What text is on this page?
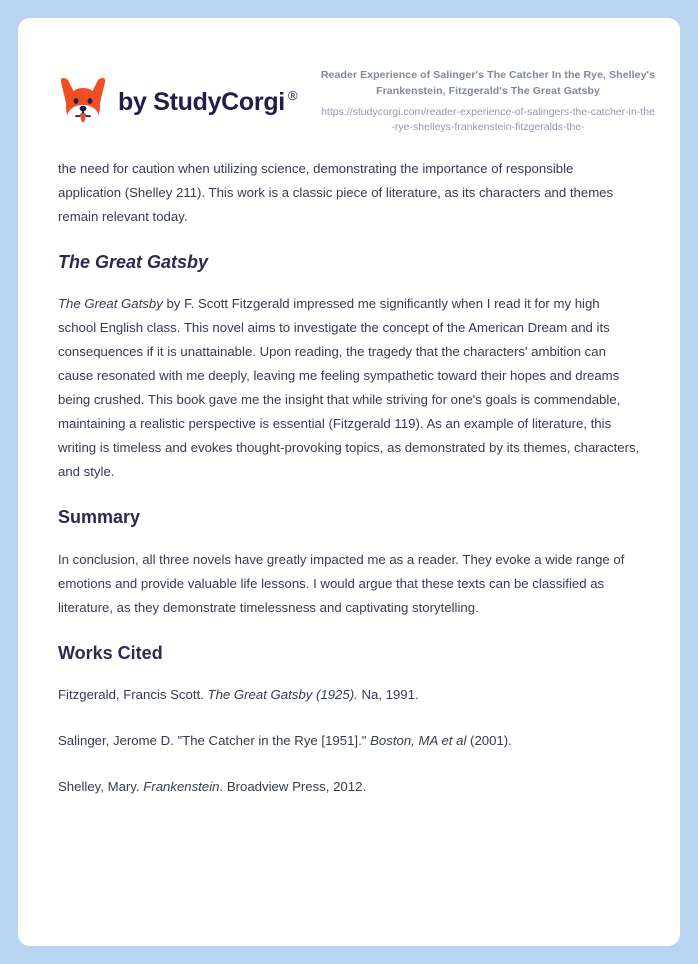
by StudyCorgi ®
Reader Experience of Salinger's The Catcher In the Rye, Shelley's Frankenstein, Fitzgerald's The Great Gatsby
https://studycorgi.com/reader-experience-of-salingers-the-catcher-in-the-rye-shelleys-frankenstein-fitzgeralds-the-

the need for caution when utilizing science, demonstrating the importance of responsible application (Shelley 211). This work is a classic piece of literature, as its characters and themes remain relevant today.

The Great Gatsby

The Great Gatsby by F. Scott Fitzgerald impressed me significantly when I read it for my high school English class. This novel aims to investigate the concept of the American Dream and its consequences if it is unattainable. Upon reading, the tragedy that the characters' ambition can cause resonated with me deeply, leaving me feeling sympathetic toward their hopes and dreams being crushed. This book gave me the insight that while striving for one's goals is commendable, maintaining a realistic perspective is essential (Fitzgerald 119). As an example of literature, this writing is timeless and evokes thought-provoking topics, as demonstrated by its themes, characters, and style.

Summary

In conclusion, all three novels have greatly impacted me as a reader. They evoke a wide range of emotions and provide valuable life lessons. I would argue that these texts can be classified as literature, as they demonstrate timelessness and captivating storytelling.

Works Cited

Fitzgerald, Francis Scott. The Great Gatsby (1925). Na, 1991.

Salinger, Jerome D. "The Catcher in the Rye [1951]." Boston, MA et al (2001).

Shelley, Mary. Frankenstein. Broadview Press, 2012.
